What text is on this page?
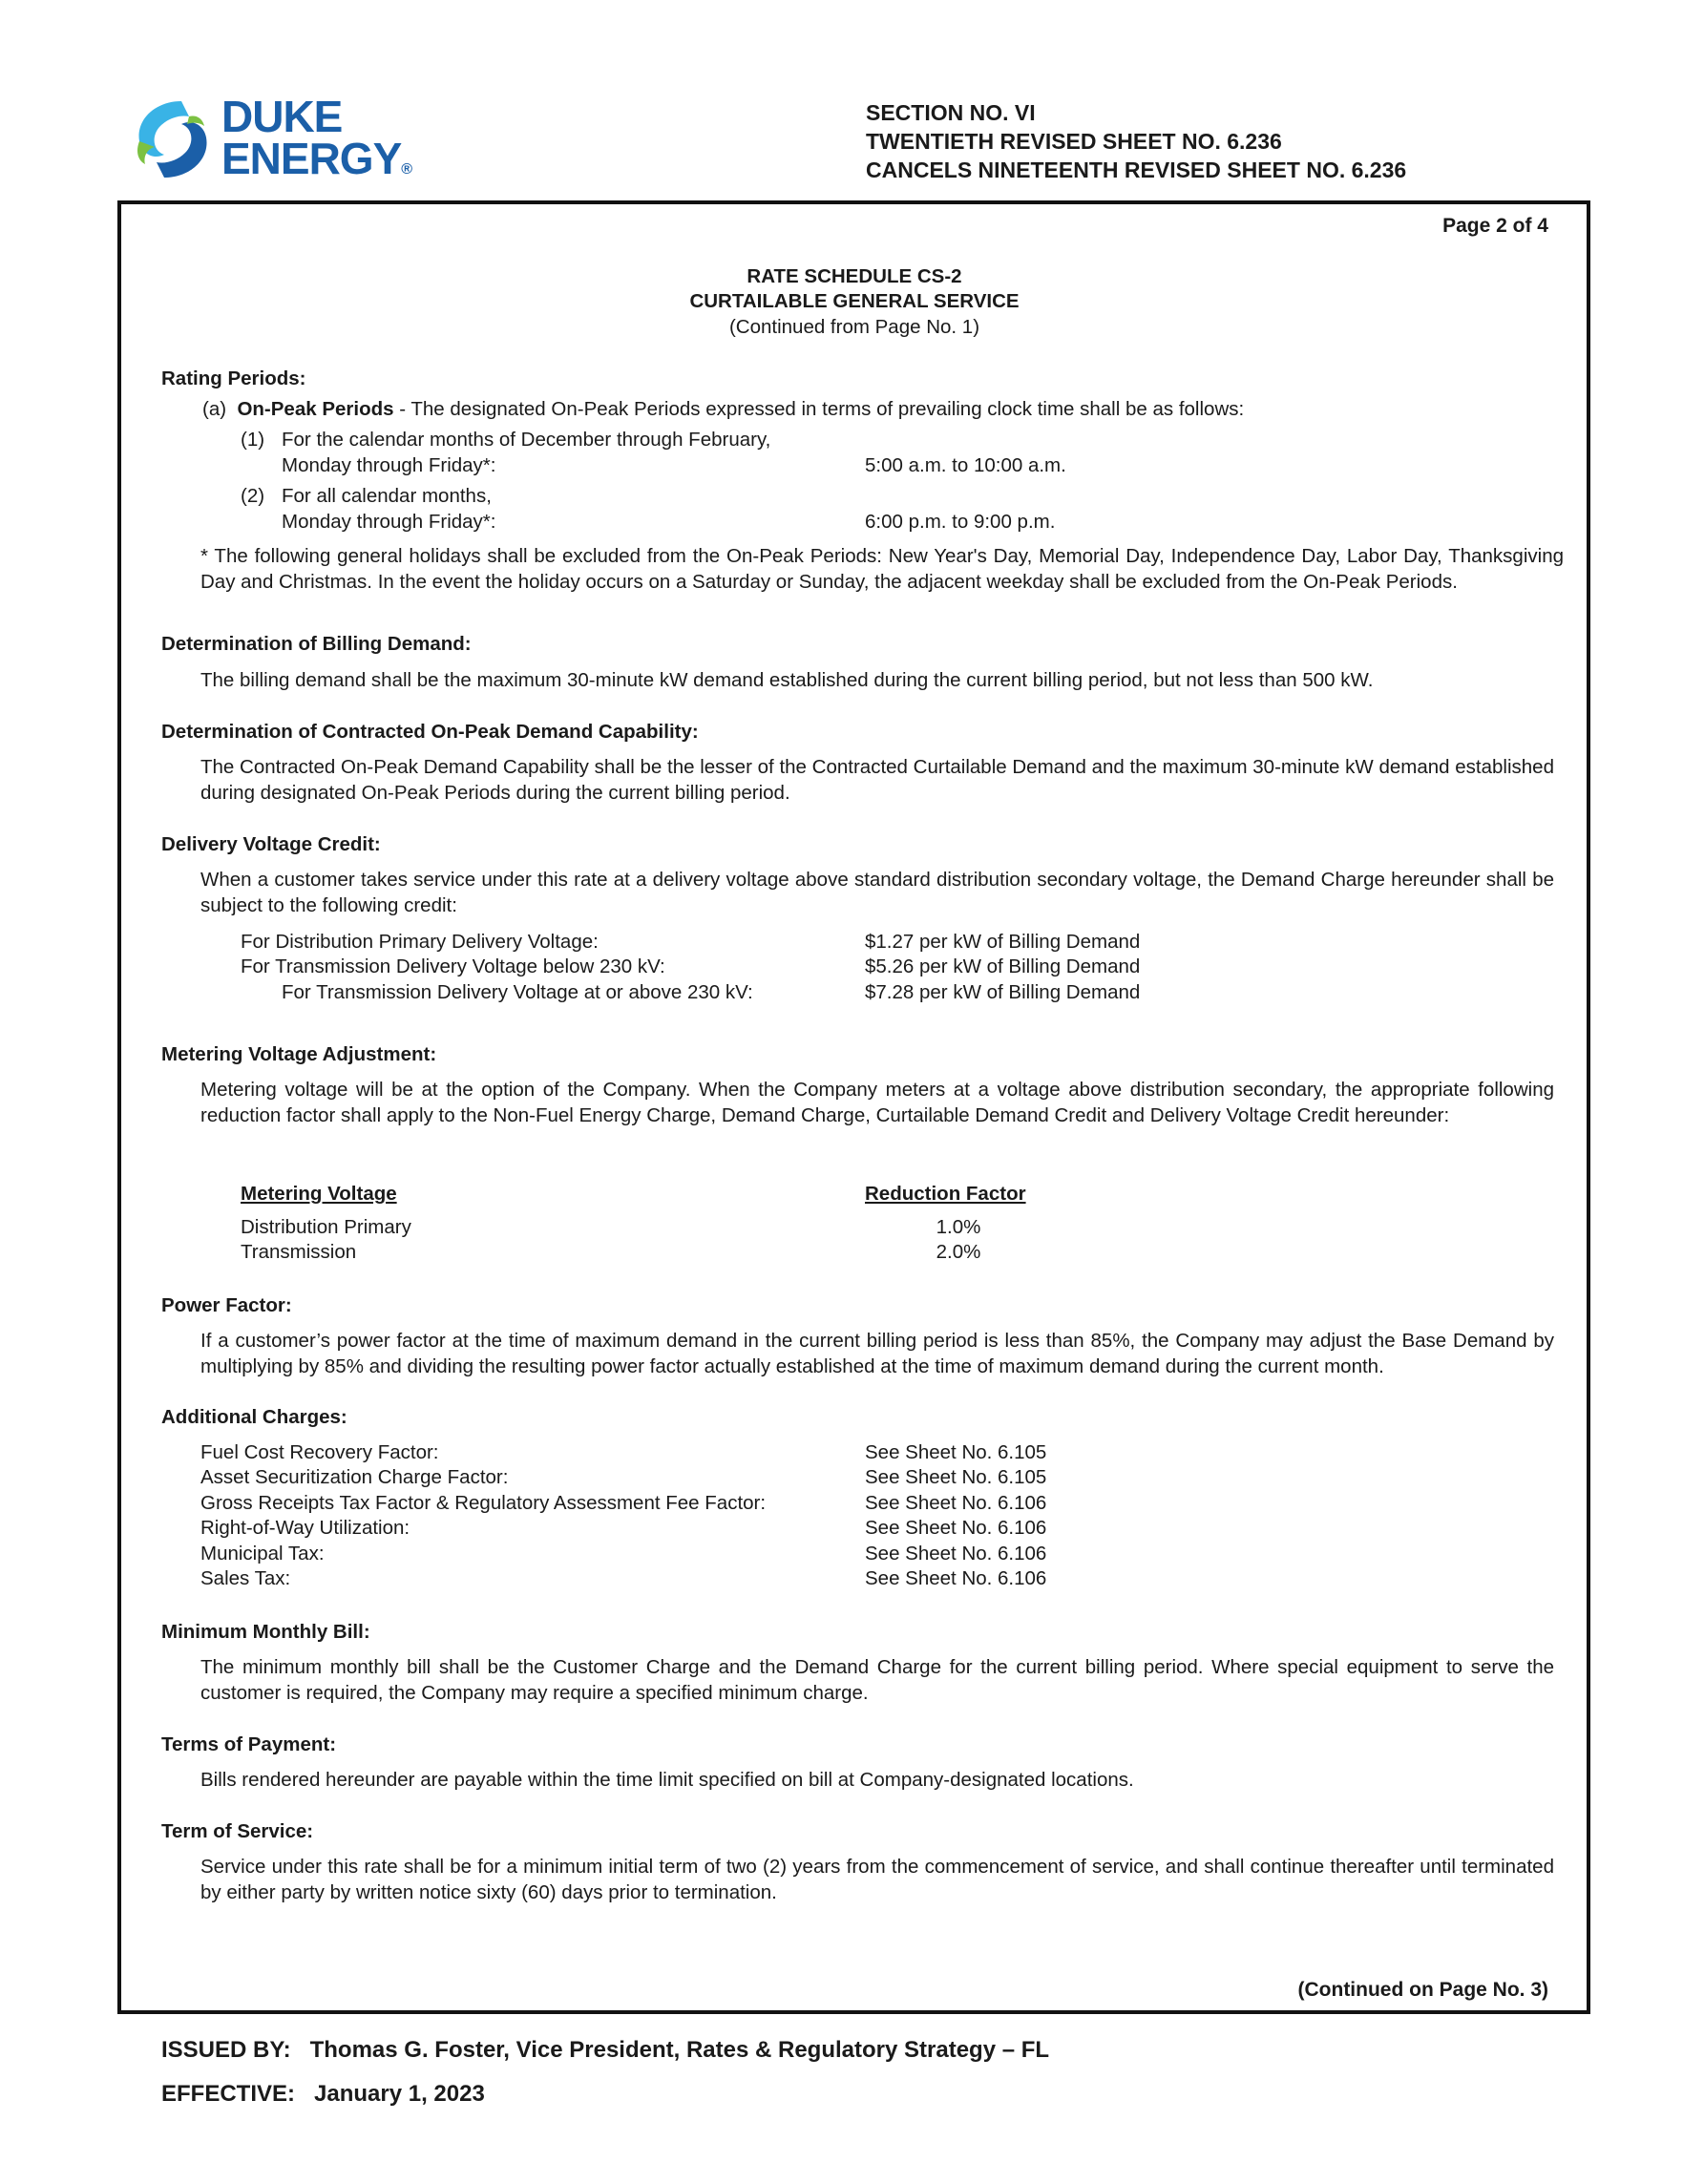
DUKE
ENERGY®
SECTION NO. VI
TWENTIETH REVISED SHEET NO. 6.236
CANCELS NINETEENTH REVISED SHEET NO. 6.236
Page 2 of 4
RATE SCHEDULE CS-2
CURTAILABLE GENERAL SERVICE
(Continued from Page No. 1)
Rating Periods:
(a) On-Peak Periods - The designated On-Peak Periods expressed in terms of prevailing clock time shall be as follows:
(1) For the calendar months of December through February,
Monday through Friday*:	5:00 a.m. to 10:00 a.m.
(2) For all calendar months,
Monday through Friday*:	6:00 p.m. to 9:00 p.m.
* The following general holidays shall be excluded from the On-Peak Periods: New Year's Day, Memorial Day, Independence Day, Labor Day, Thanksgiving Day and Christmas. In the event the holiday occurs on a Saturday or Sunday, the adjacent weekday shall be excluded from the On-Peak Periods.
Determination of Billing Demand:
The billing demand shall be the maximum 30-minute kW demand established during the current billing period, but not less than 500 kW.
Determination of Contracted On-Peak Demand Capability:
The Contracted On-Peak Demand Capability shall be the lesser of the Contracted Curtailable Demand and the maximum 30-minute kW demand established during designated On-Peak Periods during the current billing period.
Delivery Voltage Credit:
When a customer takes service under this rate at a delivery voltage above standard distribution secondary voltage, the Demand Charge hereunder shall be subject to the following credit:
For Distribution Primary Delivery Voltage:	$1.27 per kW of Billing Demand
For Transmission Delivery Voltage below 230 kV:	$5.26 per kW of Billing Demand
For Transmission Delivery Voltage at or above 230 kV:	$7.28 per kW of Billing Demand
Metering Voltage Adjustment:
Metering voltage will be at the option of the Company. When the Company meters at a voltage above distribution secondary, the appropriate following reduction factor shall apply to the Non-Fuel Energy Charge, Demand Charge, Curtailable Demand Credit and Delivery Voltage Credit hereunder:
Metering Voltage	Reduction Factor
Distribution Primary	1.0%
Transmission	2.0%
Power Factor:
If a customer’s power factor at the time of maximum demand in the current billing period is less than 85%, the Company may adjust the Base Demand by multiplying by 85% and dividing the resulting power factor actually established at the time of maximum demand during the current month.
Additional Charges:
Fuel Cost Recovery Factor:	See Sheet No. 6.105
Asset Securitization Charge Factor:	See Sheet No. 6.105
Gross Receipts Tax Factor & Regulatory Assessment Fee Factor:	See Sheet No. 6.106
Right-of-Way Utilization:	See Sheet No. 6.106
Municipal Tax:	See Sheet No. 6.106
Sales Tax:	See Sheet No. 6.106
Minimum Monthly Bill:
The minimum monthly bill shall be the Customer Charge and the Demand Charge for the current billing period. Where special equipment to serve the customer is required, the Company may require a specified minimum charge.
Terms of Payment:
Bills rendered hereunder are payable within the time limit specified on bill at Company-designated locations.
Term of Service:
Service under this rate shall be for a minimum initial term of two (2) years from the commencement of service, and shall continue thereafter until terminated by either party by written notice sixty (60) days prior to termination.
(Continued on Page No. 3)
ISSUED BY: Thomas G. Foster, Vice President, Rates & Regulatory Strategy – FL
EFFECTIVE: January 1, 2023
